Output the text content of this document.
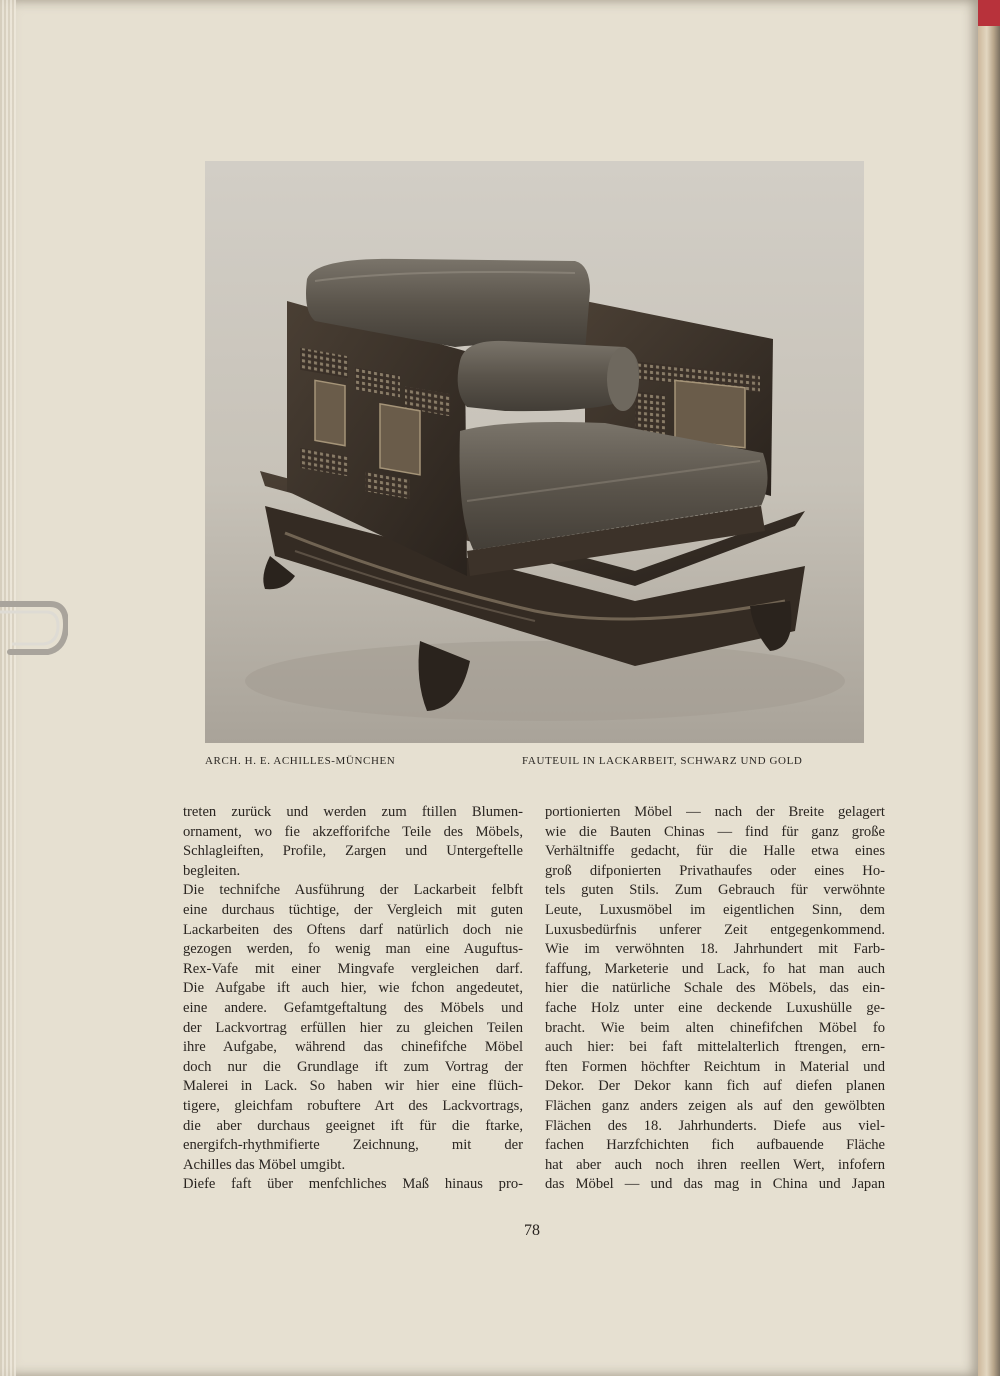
ARCH. H. E. ACHILLES-MÜNCHEN	FAUTEUIL IN LACKARBEIT, SCHWARZ UND GOLD
treten zurück und werden zum ftillen Blumen-
ornament, wo fie akzefforifche Teile des Möbels,
Schlagleiften, Profile, Zargen und Untergeftelle
begleiten.
Die technifche Ausführung der Lackarbeit felbft
eine durchaus tüchtige, der Vergleich mit guten
Lackarbeiten des Oftens darf natürlich doch nie
gezogen werden, fo wenig man eine Auguftus-
Rex-Vafe mit einer Mingvafe vergleichen darf.
Die Aufgabe ift auch hier, wie fchon angedeutet,
eine andere. Gefamtgeftaltung des Möbels und
der Lackvortrag erfüllen hier zu gleichen Teilen
ihre Aufgabe, während das chinefifche Möbel
doch nur die Grundlage ift zum Vortrag der
Malerei in Lack. So haben wir hier eine flüch-
tigere, gleichfam robuftere Art des Lackvortrags,
die aber durchaus geeignet ift für die ftarke,
energifch-rhythmifierte Zeichnung, mit der
Achilles das Möbel umgibt.
Diefe faft über menfchliches Maß hinaus pro-
portionierten Möbel — nach der Breite gelagert
wie die Bauten Chinas — find für ganz große
Verhältniffe gedacht, für die Halle etwa eines
groß difponierten Privathaufes oder eines Ho-
tels guten Stils. Zum Gebrauch für verwöhnte
Leute, Luxusmöbel im eigentlichen Sinn, dem
Luxusbedürfnis unferer Zeit entgegenkommend.
Wie im verwöhnten 18. Jahrhundert mit Farb-
faffung, Marketerie und Lack, fo hat man auch
hier die natürliche Schale des Möbels, das ein-
fache Holz unter eine deckende Luxushülle ge-
bracht. Wie beim alten chinefifchen Möbel fo
auch hier: bei faft mittelalterlich ftrengen, ern-
ften Formen höchfter Reichtum in Material und
Dekor. Der Dekor kann fich auf diefen planen
Flächen ganz anders zeigen als auf den gewölbten
Flächen des 18. Jahrhunderts. Diefe aus viel-
fachen Harzfchichten fich aufbauende Fläche
hat aber auch noch ihren reellen Wert, infofern
das Möbel — und das mag in China und Japan
78
